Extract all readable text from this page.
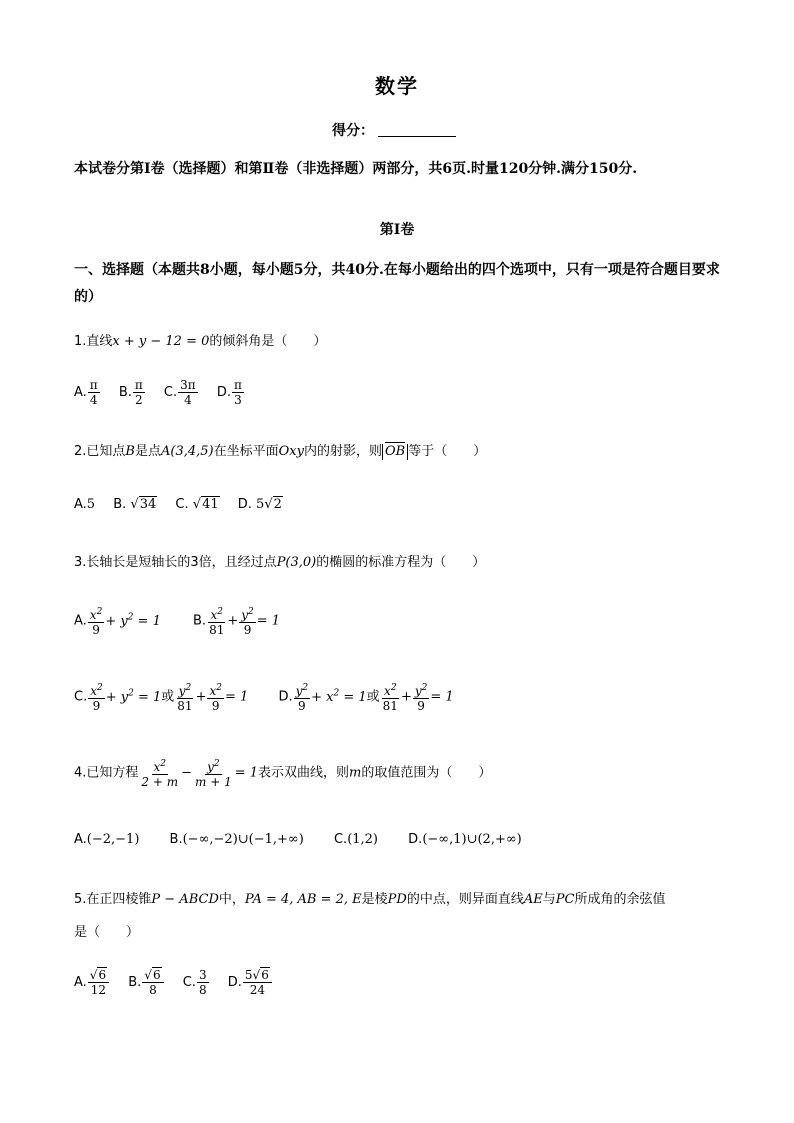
数学
得分：
本试卷分第Ⅰ卷（选择题）和第Ⅱ卷（非选择题）两部分，共6页.时量120分钟.满分150分.
第Ⅰ卷
一、选择题（本题共8小题，每小题5分，共40分.在每小题给出的四个选项中，只有一项是符合题目要求的）
1.直线x + y − 12 = 0的倾斜角是（　　）
A. $\frac{\pi}{4} B$. $\frac{\pi}{2} C$. $\frac{3\pi}{4} D$. $\frac{\pi}{3}$
2.已知点B是点A(3,4,5)在坐标平面Oxy内的射影，则 OB 等于（　　）
A.5 B. √34 C. √41 D. 5√2
3.长轴长是短轴长的3倍，且经过点P(3,0)的椭圆的标准方程为（　　）
A. $\frac{x^2}{9} + y^2 = 1$ B. $\frac{x^2}{81} + \frac{y^2}{9} = 1$
C. $\frac{x^2}{9} + y^2 = 1$或 $\frac{y^2}{81} + \frac{x^2}{9} = 1$ D. $\frac{y^2}{9} + x^2 = 1$或 $\frac{x^2}{81} + \frac{y^2}{9} = 1$
4.已知方程 $\frac{x^2}{2 + m} - \frac{y^2}{m + 1} = 1$表示双曲线，则m的取值范围为（　　）
A.(−2,−1) B.(−∞,−2)∪(−1,+∞) C.(1,2) D.(−∞,1)∪(2,+∞)
5.在正四棱锥P − ABCD中，PA = 4, AB = 2, E是棱PD的中点，则异面直线AE与PC所成角的余弦值
是（　　）
A. $\frac{√6}{12} B$. $\frac{√6}{8} C$. $\frac{3}{8} D$. $\frac{5√6}{24}$
